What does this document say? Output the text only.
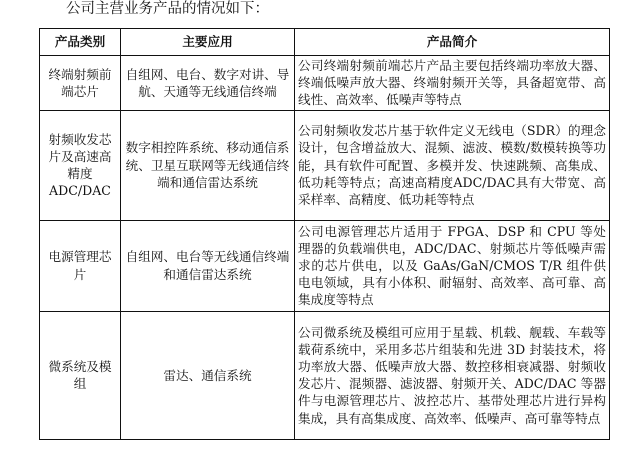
公司主营业务产品的情况如下：
产品类别	主要应用	产品简介
终端射频前端芯片	自组网、电台、数字对讲、导航、天通等无线通信终端	公司终端射频前端芯片产品主要包括终端功率放大器、终端低噪声放大器、终端射频开关等，具备超宽带、高线性、高效率、低噪声等特点
射频收发芯片及高速高精度ADC/DAC	数字相控阵系统、移动通信系统、卫星互联网等无线通信终端和通信雷达系统	公司射频收发芯片基于软件定义无线电（SDR）的理念设计，包含增益放大、混频、滤波、模数/数模转换等功能，具有软件可配置、多模并发、快速跳频、高集成、低功耗等特点；高速高精度ADC/DAC具有大带宽、高采样率、高精度、低功耗等特点
电源管理芯片	自组网、电台等无线通信终端和通信雷达系统	公司电源管理芯片适用于 FPGA、DSP 和 CPU 等处理器的负载端供电，ADC/DAC、射频芯片等低噪声需求的芯片供电，以及 GaAs/GaN/CMOS T/R 组件供电电领域，具有小体积、耐辐射、高效率、高可靠、高集成度等特点
微系统及模组	雷达、通信系统	公司微系统及模组可应用于星载、机载、舰载、车载等载荷系统中，采用多芯片组装和先进 3D 封装技术，将功率放大器、低噪声放大器、数控移相衰减器、射频收发芯片、混频器、滤波器、射频开关、ADC/DAC 等器件与电源管理芯片、波控芯片、基带处理芯片进行异构集成，具有高集成度、高效率、低噪声、高可靠等特点
